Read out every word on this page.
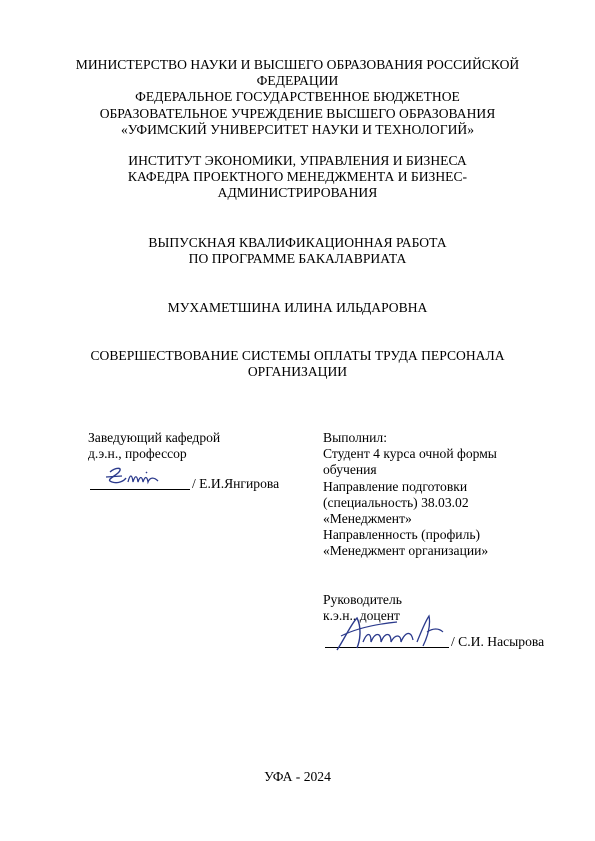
МИНИСТЕРСТВО НАУКИ И ВЫСШЕГО ОБРАЗОВАНИЯ РОССИЙСКОЙ
ФЕДЕРАЦИИ
ФЕДЕРАЛЬНОЕ ГОСУДАРСТВЕННОЕ БЮДЖЕТНОЕ
ОБРАЗОВАТЕЛЬНОЕ УЧРЕЖДЕНИЕ ВЫСШЕГО ОБРАЗОВАНИЯ
«УФИМСКИЙ УНИВЕРСИТЕТ НАУКИ И ТЕХНОЛОГИЙ»
ИНСТИТУТ ЭКОНОМИКИ, УПРАВЛЕНИЯ И БИЗНЕСА
КАФЕДРА ПРОЕКТНОГО МЕНЕДЖМЕНТА И БИЗНЕС-
АДМИНИСТРИРОВАНИЯ
ВЫПУСКНАЯ КВАЛИФИКАЦИОННАЯ РАБОТА
ПО ПРОГРАММЕ БАКАЛАВРИАТА
МУХАМЕТШИНА ИЛИНА ИЛЬДАРОВНА
СОВЕРШЕСТВОВАНИЕ СИСТЕМЫ ОПЛАТЫ ТРУДА ПЕРСОНАЛА
ОРГАНИЗАЦИИ
Заведующий кафедрой
д.э.н., профессор
/ Е.И.Янгирова
Выполнил:
Студент 4 курса очной формы
обучения
Направление подготовки
(специальность) 38.03.02
«Менеджмент»
Направленность (профиль)
«Менеджмент организации»
Руководитель
к.э.н., доцент
/ С.И. Насырова
УФА - 2024
